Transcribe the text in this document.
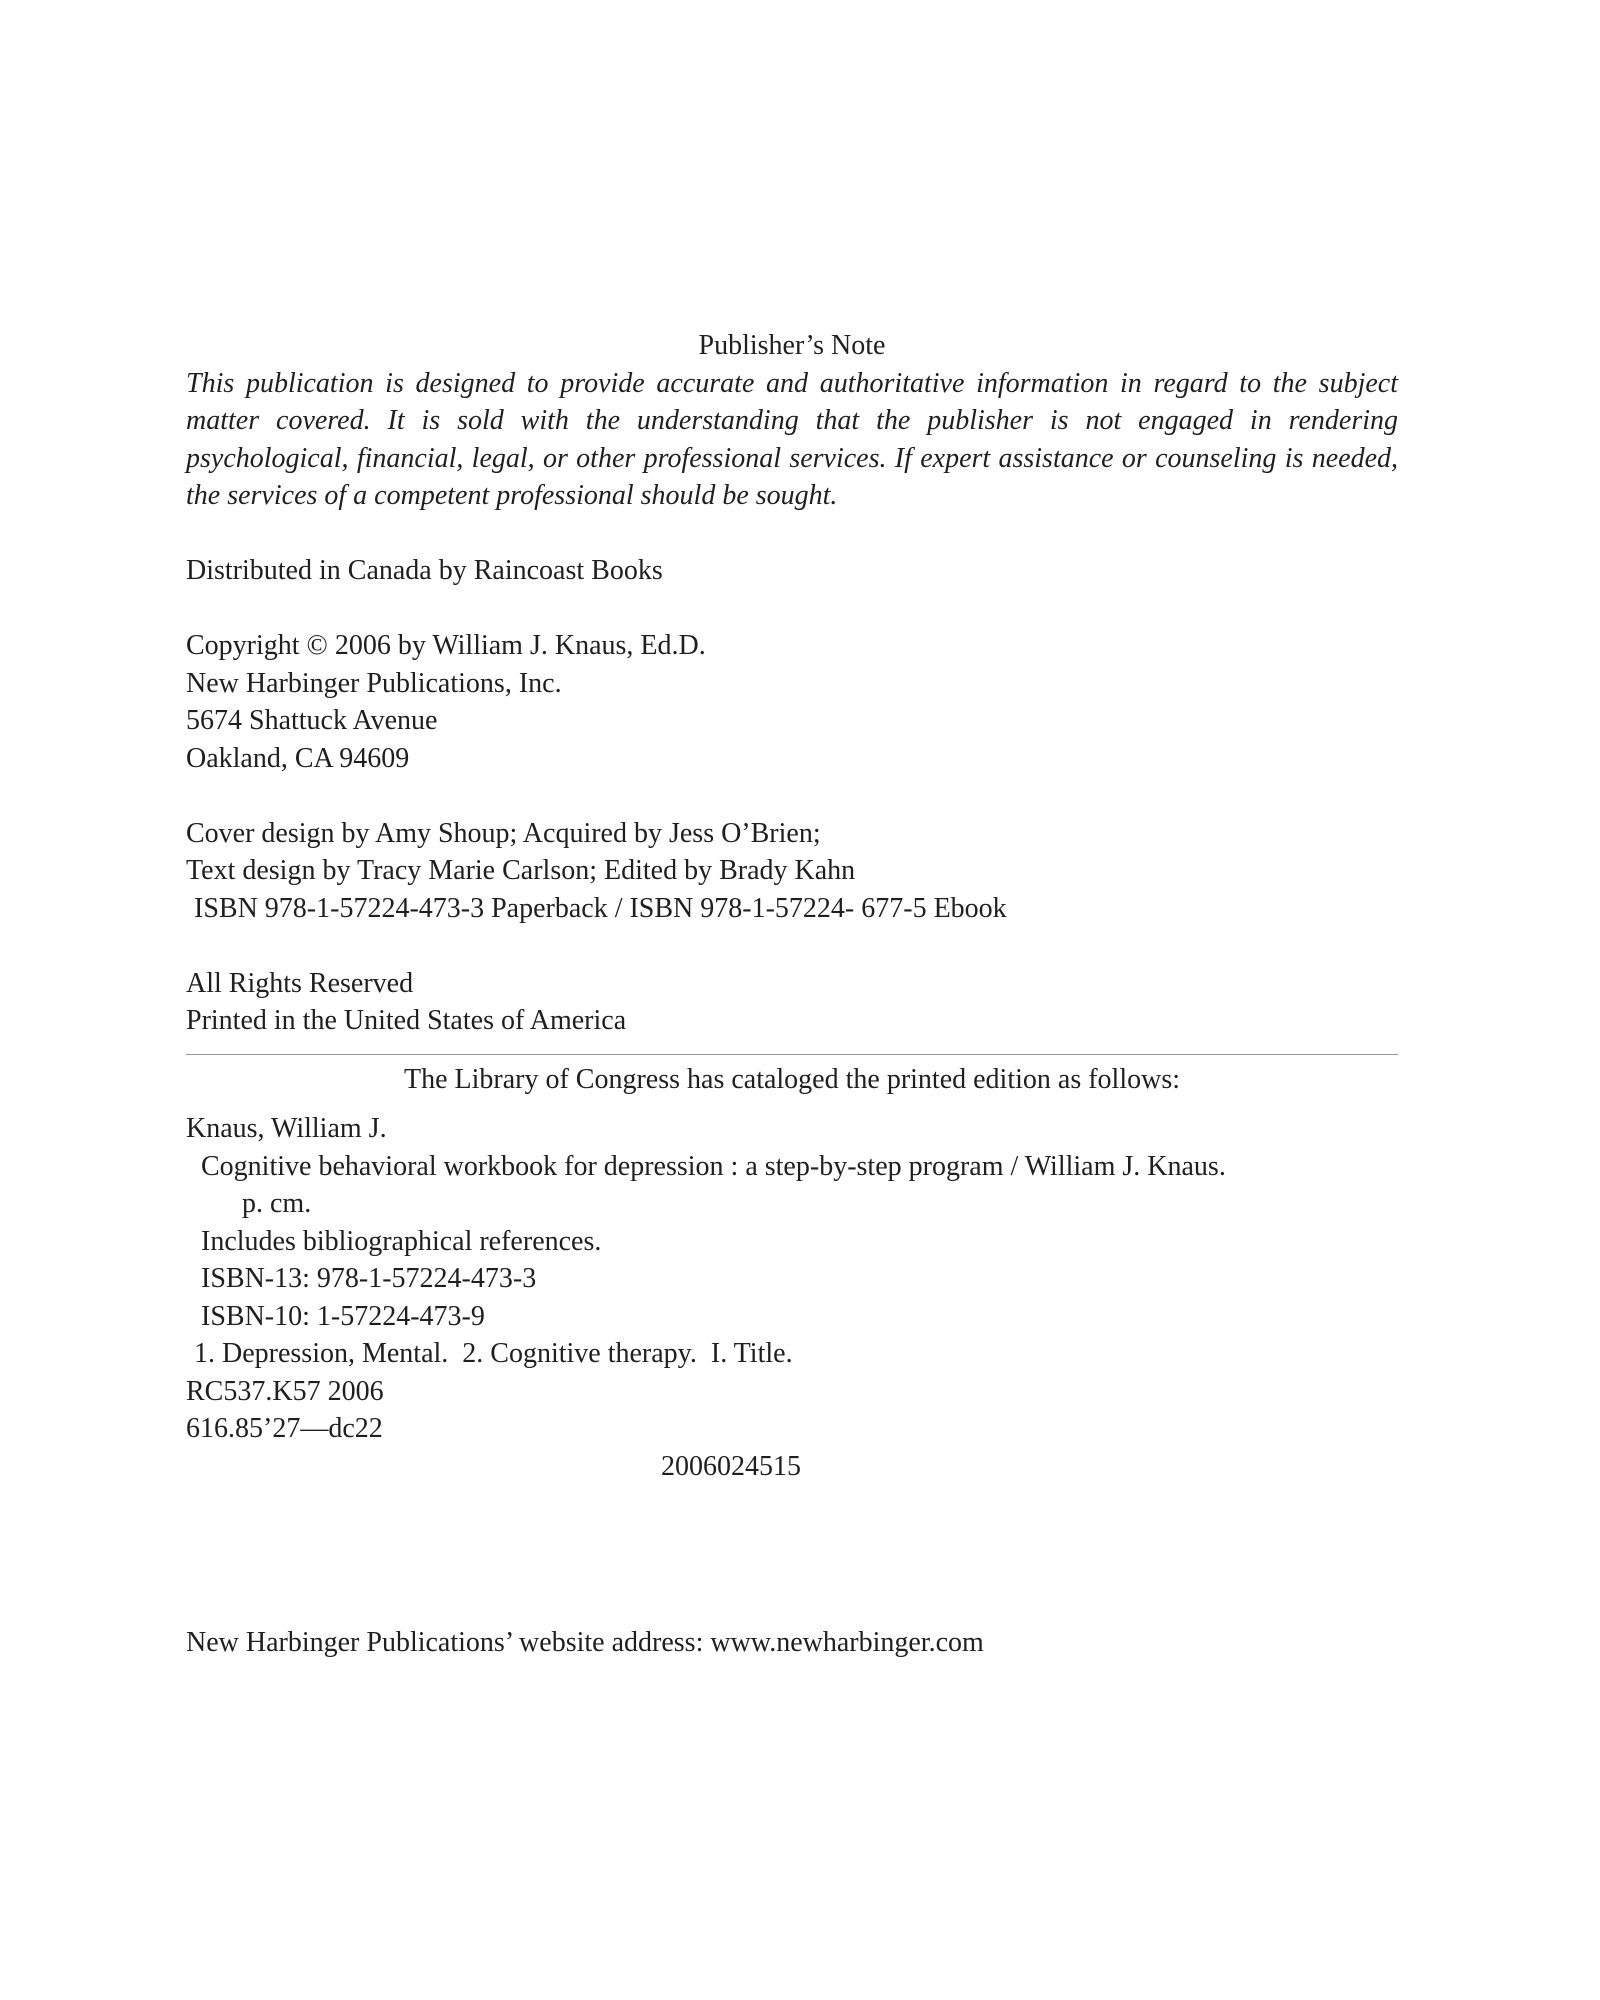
Publisher’s Note

This publication is designed to provide accurate and authoritative information in regard to the subject matter covered. It is sold with the understanding that the publisher is not engaged in rendering psychological, financial, legal, or other professional services. If expert assistance or counseling is needed, the services of a competent professional should be sought.

Distributed in Canada by Raincoast Books

Copyright © 2006 by William J. Knaus, Ed.D.
New Harbinger Publications, Inc.
5674 Shattuck Avenue
Oakland, CA 94609
Cover design by Amy Shoup; Acquired by Jess O’Brien;
Text design by Tracy Marie Carlson; Edited by Brady Kahn
ISBN 978-1-57224-473-3 Paperback / ISBN 978-1-57224- 677-5 Ebook
All Rights Reserved
Printed in the United States of America
The Library of Congress has cataloged the printed edition as follows:
Knaus, William J.
Cognitive behavioral workbook for depression : a step-by-step program / William J. Knaus.
p. cm.
Includes bibliographical references.
ISBN-13: 978-1-57224-473-3
ISBN-10: 1-57224-473-9
1. Depression, Mental.  2. Cognitive therapy.  I. Title.
RC537.K57 2006
616.85’27—dc22
2006024515
New Harbinger Publications’ website address: www.newharbinger.com
